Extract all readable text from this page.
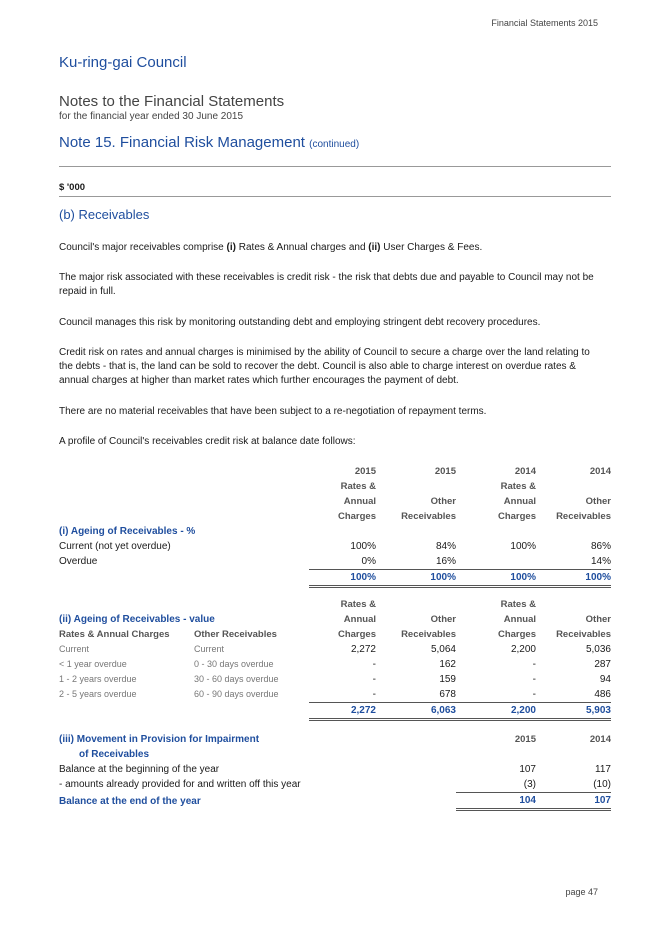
Financial Statements 2015
Ku-ring-gai Council
Notes to the Financial Statements
for the financial year ended 30 June 2015
Note 15. Financial Risk Management (continued)
$ '000
(b) Receivables
Council's major receivables comprise (i) Rates & Annual charges and (ii) User Charges & Fees.
The major risk associated with these receivables is credit risk - the risk that debts due and payable to Council may not be repaid in full.
Council manages this risk by monitoring outstanding debt and employing stringent debt recovery procedures.
Credit risk on rates and annual charges is minimised by the ability of Council to secure a charge over the land relating to the debts - that is, the land can be sold to recover the debt. Council is also able to charge interest on overdue rates & annual charges at higher than market rates which further encourages the payment of debt.
There are no material receivables that have been subject to a re-negotiation of repayment terms.
A profile of Council's receivables credit risk at balance date follows:
	2015	2015	2014	2014
	Rates &		Rates &	
	Annual	Other	Annual	Other
	Charges	Receivables	Charges	Receivables
(i) Ageing of Receivables - %				
Current (not yet overdue)	100%	84%	100%	86%
Overdue	0%	16%		14%
	100%	100%	100%	100%
		Rates &		Rates &	
(ii) Ageing of Receivables - value		Annual	Other	Annual	Other
Rates & Annual Charges	Other Receivables	Charges	Receivables	Charges	Receivables
Current	Current	2,272	5,064	2,200	5,036
< 1 year overdue	0 - 30 days overdue	-	162	-	287
1 - 2 years overdue	30 - 60 days overdue	-	159	-	94
2 - 5 years overdue	60 - 90 days overdue	-	678	-	486
		2,272	6,063	2,200	5,903
(iii) Movement in Provision for Impairment	2015	2014
of Receivables		
Balance at the beginning of the year	107	117
- amounts already provided for and written off this year	(3)	(10)
Balance at the end of the year	104	107
page 47
